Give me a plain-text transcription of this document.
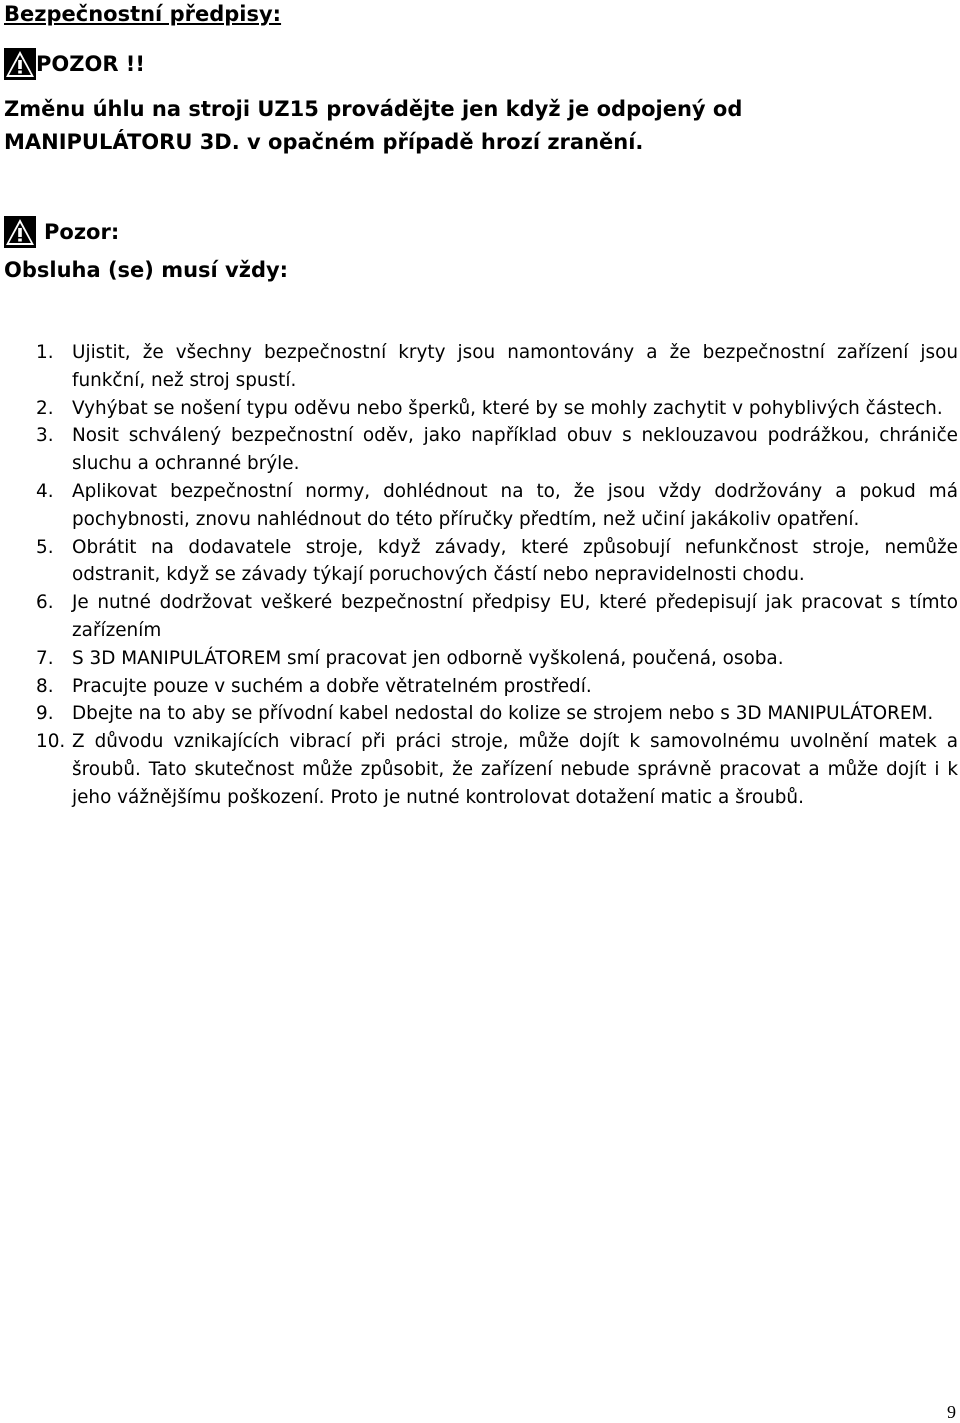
Bezpečnostní předpisy:
POZOR !!
Změnu úhlu na stroji UZ15 provádějte jen když je odpojený od
MANIPULÁTORU 3D. v opačném případě hrozí zranění.
Pozor:
Obsluha (se) musí vždy:
1.	Ujistit, že všechny bezpečnostní kryty jsou namontovány a že bezpečnostní zařízení jsou funkční, než stroj spustí.
2.	Vyhýbat se nošení typu oděvu nebo šperků, které by se mohly zachytit v pohyblivých částech.
3.	Nosit schválený bezpečnostní oděv, jako například obuv s neklouzavou podrážkou, chrániče sluchu a ochranné brýle.
4.	Aplikovat bezpečnostní normy, dohlédnout na to, že jsou vždy dodržovány a pokud má pochybnosti, znovu nahlédnout do této příručky předtím, než učiní jakákoliv opatření.
5.	Obrátit na dodavatele stroje, když závady, které způsobují nefunkčnost stroje, nemůže odstranit, když se závady týkají poruchových částí nebo nepravidelnosti chodu.
6.	Je nutné dodržovat veškeré bezpečnostní předpisy EU, které předepisují jak pracovat s tímto zařízením
7.	S 3D MANIPULÁTOREM smí pracovat jen odborně vyškolená, poučená, osoba.
8.	Pracujte pouze v suchém a dobře větratelném prostředí.
9.	Dbejte na to aby se přívodní kabel nedostal do kolize se strojem nebo s 3D MANIPULÁTOREM.
10. Z důvodu vznikajících vibrací při práci stroje, může dojít k samovolnému uvolnění matek a šroubů. Tato skutečnost může způsobit, že zařízení nebude správně pracovat a může dojít i k jeho vážnějšímu poškození. Proto je nutné kontrolovat dotažení matic a šroubů.
9
